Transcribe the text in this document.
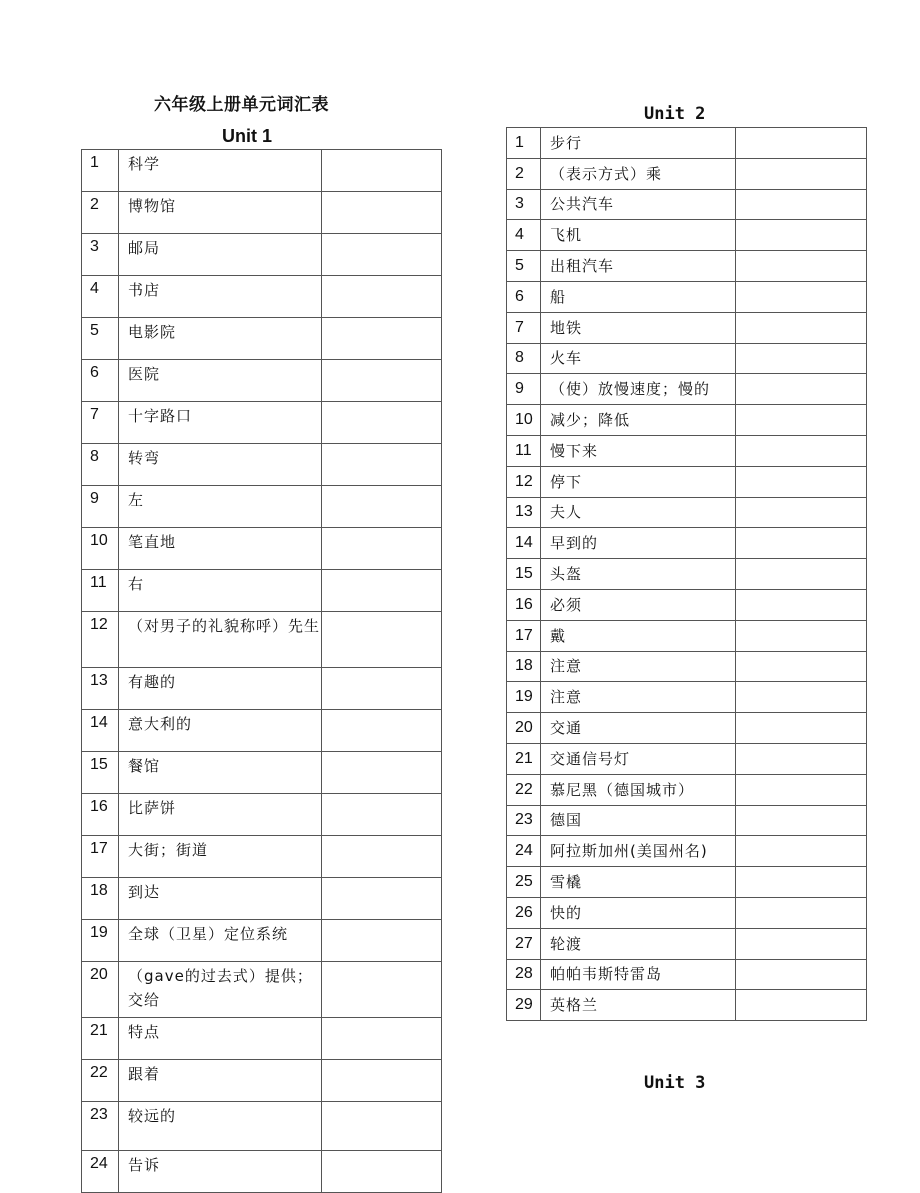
六年级上册单元词汇表
Unit 1
1	科学	
2	博物馆	
3	邮局	
4	书店	
5	电影院	
6	医院	
7	十字路口	
8	转弯	
9	左	
10	笔直地	
11	右	
12	（对男子的礼貌称呼）先生	
13	有趣的	
14	意大利的	
15	餐馆	
16	比萨饼	
17	大街；街道	
18	到达	
19	全球（卫星）定位系统	
20	（gave的过去式）提供；交给	
21	特点	
22	跟着	
23	较远的	
24	告诉	
Unit 2
1	步行	
2	（表示方式）乘	
3	公共汽车	
4	飞机	
5	出租汽车	
6	船	
7	地铁	
8	火车	
9	（使）放慢速度；慢的	
10	减少；降低	
11	慢下来	
12	停下	
13	夫人	
14	早到的	
15	头盔	
16	必须	
17	戴	
18	注意	
19	注意	
20	交通	
21	交通信号灯	
22	慕尼黑（德国城市）	
23	德国	
24	阿拉斯加州(美国州名)	
25	雪橇	
26	快的	
27	轮渡	
28	帕帕韦斯特雷岛	
29	英格兰	
Unit 3
